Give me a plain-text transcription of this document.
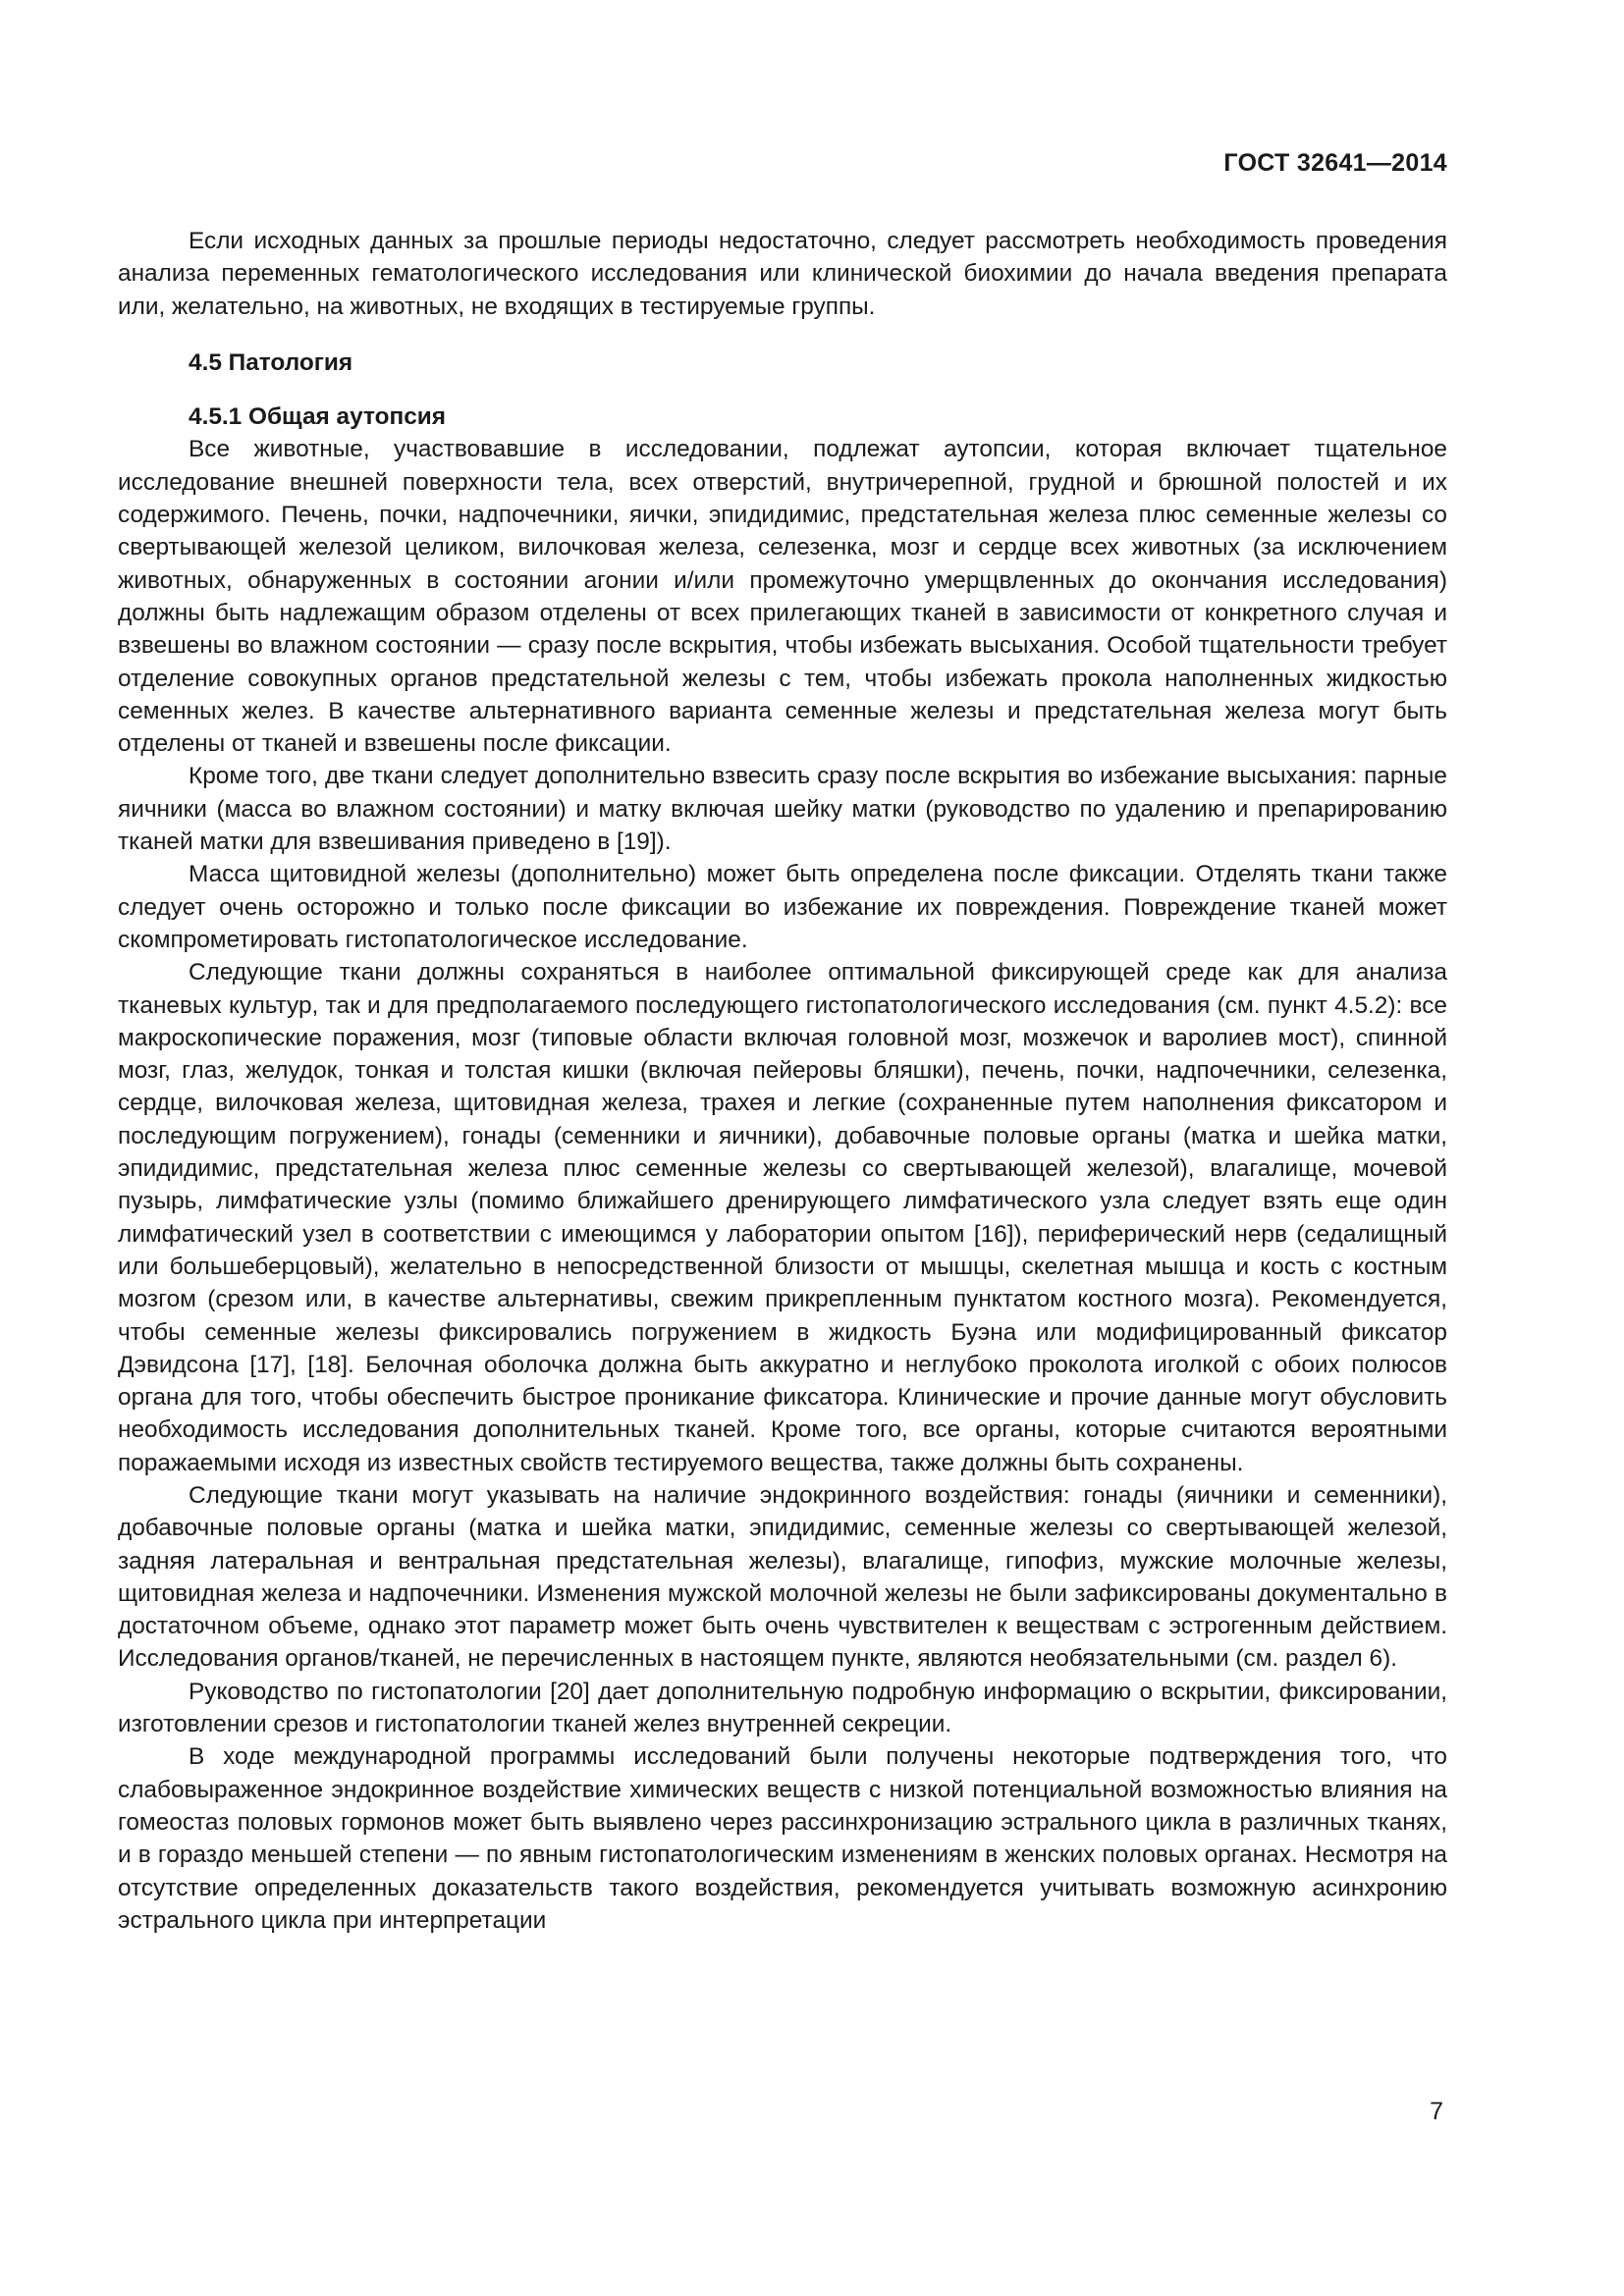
ГОСТ 32641—2014

Если исходных данных за прошлые периоды недостаточно, следует рассмотреть необходимость проведения анализа переменных гематологического исследования или клинической биохимии до начала введения препарата или, желательно, на животных, не входящих в тестируемые группы.

4.5 Патология

4.5.1 Общая аутопсия

Все животные, участвовавшие в исследовании, подлежат аутопсии, которая включает тщательное исследование внешней поверхности тела, всех отверстий, внутричерепной, грудной и брюшной полостей и их содержимого. Печень, почки, надпочечники, яички, эпидидимис, предстательная железа плюс семенные железы со свертывающей железой целиком, вилочковая железа, селезенка, мозг и сердце всех животных (за исключением животных, обнаруженных в состоянии агонии и/или промежуточно умерщвленных до окончания исследования) должны быть надлежащим образом отделены от всех прилегающих тканей в зависимости от конкретного случая и взвешены во влажном состоянии — сразу после вскрытия, чтобы избежать высыхания. Особой тщательности требует отделение совокупных органов предстательной железы с тем, чтобы избежать прокола наполненных жидкостью семенных желез. В качестве альтернативного варианта семенные железы и предстательная железа могут быть отделены от тканей и взвешены после фиксации.

Кроме того, две ткани следует дополнительно взвесить сразу после вскрытия во избежание высыхания: парные яичники (масса во влажном состоянии) и матку включая шейку матки (руководство по удалению и препарированию тканей матки для взвешивания приведено в [19]).

Масса щитовидной железы (дополнительно) может быть определена после фиксации. Отделять ткани также следует очень осторожно и только после фиксации во избежание их повреждения. Повреждение тканей может скомпрометировать гистопатологическое исследование.

Следующие ткани должны сохраняться в наиболее оптимальной фиксирующей среде как для анализа тканевых культур, так и для предполагаемого последующего гистопатологического исследования (см. пункт 4.5.2): все макроскопические поражения, мозг (типовые области включая головной мозг, мозжечок и варолиев мост), спинной мозг, глаз, желудок, тонкая и толстая кишки (включая пейеровы бляшки), печень, почки, надпочечники, селезенка, сердце, вилочковая железа, щитовидная железа, трахея и легкие (сохраненные путем наполнения фиксатором и последующим погружением), гонады (семенники и яичники), добавочные половые органы (матка и шейка матки, эпидидимис, предстательная железа плюс семенные железы со свертывающей железой), влагалище, мочевой пузырь, лимфатические узлы (помимо ближайшего дренирующего лимфатического узла следует взять еще один лимфатический узел в соответствии с имеющимся у лаборатории опытом [16]), периферический нерв (седалищный или большеберцовый), желательно в непосредственной близости от мышцы, скелетная мышца и кость с костным мозгом (срезом или, в качестве альтернативы, свежим прикрепленным пунктатом костного мозга). Рекомендуется, чтобы семенные железы фиксировались погружением в жидкость Буэна или модифицированный фиксатор Дэвидсона [17], [18]. Белочная оболочка должна быть аккуратно и неглубоко проколота иголкой с обоих полюсов органа для того, чтобы обеспечить быстрое проникание фиксатора. Клинические и прочие данные могут обусловить необходимость исследования дополнительных тканей. Кроме того, все органы, которые считаются вероятными поражаемыми исходя из известных свойств тестируемого вещества, также должны быть сохранены.

Следующие ткани могут указывать на наличие эндокринного воздействия: гонады (яичники и семенники), добавочные половые органы (матка и шейка матки, эпидидимис, семенные железы со свертывающей железой, задняя латеральная и вентральная предстательная железы), влагалище, гипофиз, мужские молочные железы, щитовидная железа и надпочечники. Изменения мужской молочной железы не были зафиксированы документально в достаточном объеме, однако этот параметр может быть очень чувствителен к веществам с эстрогенным действием. Исследования органов/тканей, не перечисленных в настоящем пункте, являются необязательными (см. раздел 6).

Руководство по гистопатологии [20] дает дополнительную подробную информацию о вскрытии, фиксировании, изготовлении срезов и гистопатологии тканей желез внутренней секреции.

В ходе международной программы исследований были получены некоторые подтверждения того, что слабовыраженное эндокринное воздействие химических веществ с низкой потенциальной возможностью влияния на гомеостаз половых гормонов может быть выявлено через рассинхронизацию эстрального цикла в различных тканях, и в гораздо меньшей степени — по явным гистопатологическим изменениям в женских половых органах. Несмотря на отсутствие определенных доказательств такого воздействия, рекомендуется учитывать возможную асинхронию эстрального цикла при интерпретации

7
